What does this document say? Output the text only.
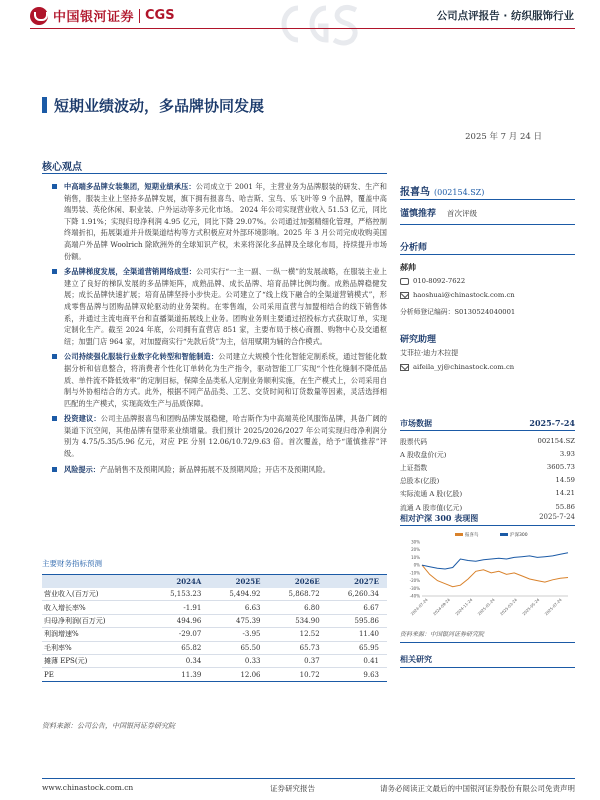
中国银河证券 CGS	公司点评报告 · 纺织服饰行业
短期业绩波动，多品牌协同发展
2025 年 7 月 24 日
核心观点
中高端多品牌女装集团，短期业绩承压：公司成立于 2001 年，主营业务为品牌服装的研发、生产和销售，服装主业上坚持多品牌发展，旗下拥有报喜鸟、哈吉斯、宝鸟、乐飞叶等 9 个品牌，覆盖中高端男装、英伦休闲、职业装、户外运动等多元化市场。 2024 年公司实现营业收入 51.53 亿元，同比下降 1.91%；实现归母净利润 4.95 亿元，同比下降 29.07%。公司通过加强精细化管理，严格控制终端折扣，拓展渠道并升级渠道结构等方式积极应对外部环境影响。2025 年 3 月公司完成收购美国高端户外品牌 Woolrich 除欧洲外的全球知识产权，未来将深化多品牌及全球化布局，持续提升市场份额。
多品牌梯度发展，全渠道营销网络成型：公司实行“一主一副、一纵一横”的发展战略，在服装主业上建立了良好的梯队发展的多品牌矩阵，成熟品牌、成长品牌、培育品牌比例均衡。成熟品牌稳健发展；成长品牌快速扩展；培育品牌坚持小步快走。公司建立了“线上线下融合的全渠道营销模式”，形成零售品牌与团购品牌双轮驱动的业务架构。在零售端，公司采用直营与加盟相结合的线下销售体系，并通过主流电商平台和直播渠道拓展线上业务。团购业务则主要通过招投标方式获取订单，实现定制化生产。截至 2024 年底，公司拥有直营店 851 家，主要布局于核心商圈、购物中心及交通枢纽；加盟门店 964 家，对加盟商实行“先款后货”为主，信用赋期为辅的合作模式。
公司持续强化服装行业数字化转型和智能制造：公司建立大规模个性化智能定制系统，通过智能化数据分析和信息整合，将消费者个性化订单转化为生产指令，驱动智能工厂实现“个性化缝制不降低品质、单件流不降低效率”的定制目标，保障全品类私人定制业务顺利实施，在生产模式上，公司采用自制与外协相结合的方式。此外，根据不同产品品类、工艺、交货时间和订货数量等因素，灵活选择相匹配的生产模式，实现高效生产与品质保障。
投资建议：公司主品牌报喜鸟和团购品牌发展稳健，哈吉斯作为中高端英伦风服饰品牌，具备广阔的渠道下沉空间，其他品牌有望带来业绩增量。我们预计 2025/2026/2027 年公司实现归母净利润分别为 4.75/5.35/5.96 亿元，对应 PE 分别 12.06/10.72/9.63 倍。首次覆盖，给予“谨慎推荐”评级。
风险提示：产品销售不及预期风险；新品牌拓展不及预期风险；开店不及预期风险。
主要财务指标预测
	2024A	2025E	2026E	2027E
营业收入(百万元)	5,153.23	5,494.92	5,868.72	6,260.34
收入增长率%	-1.91	6.63	6.80	6.67
归母净利润(百万元)	494.96	475.39	534.90	595.86
利润增速%	-29.07	-3.95	12.52	11.40
毛利率%	65.82	65.50	65.73	65.95
摊薄 EPS(元)	0.34	0.33	0.37	0.41
PE	11.39	12.06	10.72	9.63
资料来源：公司公告，中国银河证券研究院
报喜鸟 (002154.SZ)
谨慎推荐 首次评级
分析师
郝帅
010-8092-7622
haoshuai@chinastock.com.cn
分析师登记编码：S0130524040001
研究助理
艾菲拉·迪力木拉提
aifeila_yj@chinastock.com.cn
市场数据	2025-7-24
股票代码	002154.SZ
A 股收盘价(元)	3.93
上证指数	3605.73
总股本(亿股)	14.59
实际流通 A 股(亿股)	14.21
流通 A 股市值(亿元)	55.86
相对沪深 300 表现图	2025-7-24
30%
20%
10%
0%
-10%
-20%
-30%
-40%
2024-07-24 2024-09-24 2024-11-24 2025-01-24 2025-03-24 2025-05-24 2025-07-24
报喜鸟	沪深300
资料来源：中国银河证券研究院
相关研究
www.chinastock.com.cn	证券研究报告	请务必阅读正文最后的中国银河证券股份有限公司免责声明
